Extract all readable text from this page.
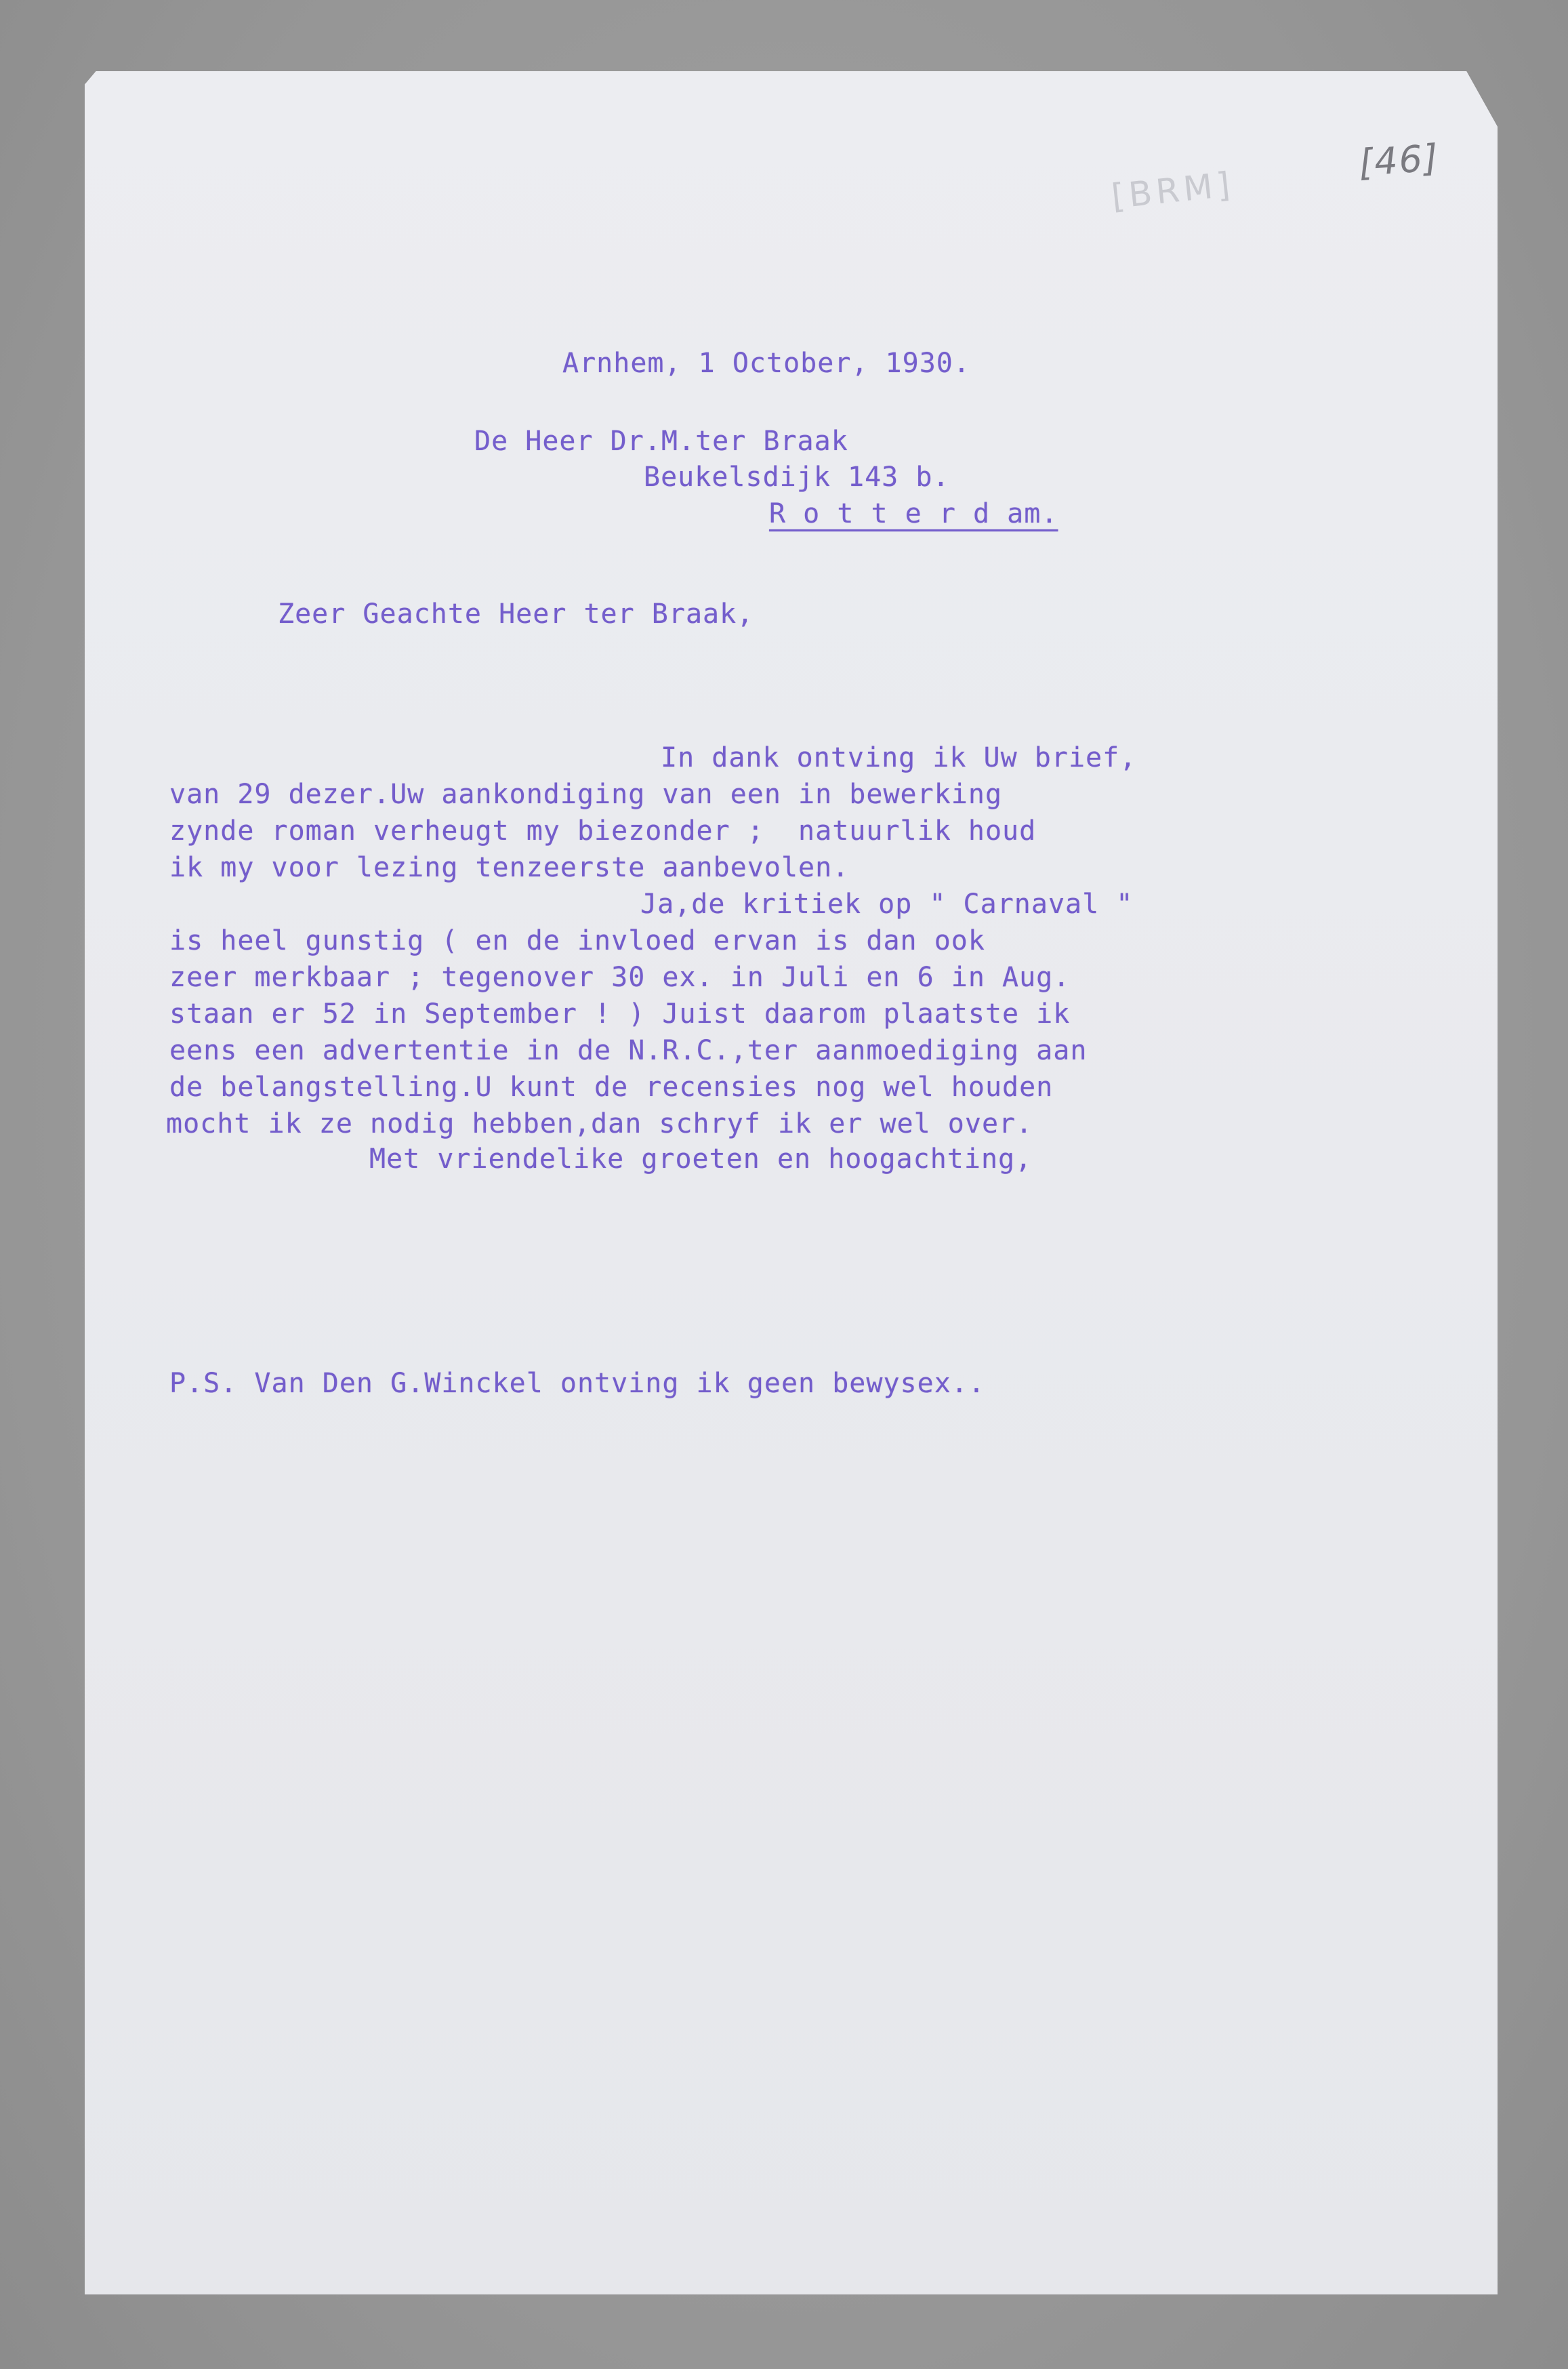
[46]
[BRM]
Arnhem, 1 October, 1930.
De Heer Dr.M.ter Braak
Beukelsdijk 143 b.
R o t t e r d am.
Zeer Geachte Heer ter Braak,
In dank ontving ik Uw brief,
van 29 dezer.Uw aankondiging van een in bewerking
zynde roman verheugt my biezonder ;  natuurlik houd
ik my voor lezing tenzeerste aanbevolen.
Ja,de kritiek op " Carnaval "
is heel gunstig ( en de invloed ervan is dan ook
zeer merkbaar ; tegenover 30 ex. in Juli en 6 in Aug.
staan er 52 in September ! ) Juist daarom plaatste ik
eens een advertentie in de N.R.C.,ter aanmoediging aan
de belangstelling.U kunt de recensies nog wel houden
mocht ik ze nodig hebben,dan schryf ik er wel over.
Met vriendelike groeten en hoogachting,
P.S. Van Den G.Winckel ontving ik geen bewysex..
